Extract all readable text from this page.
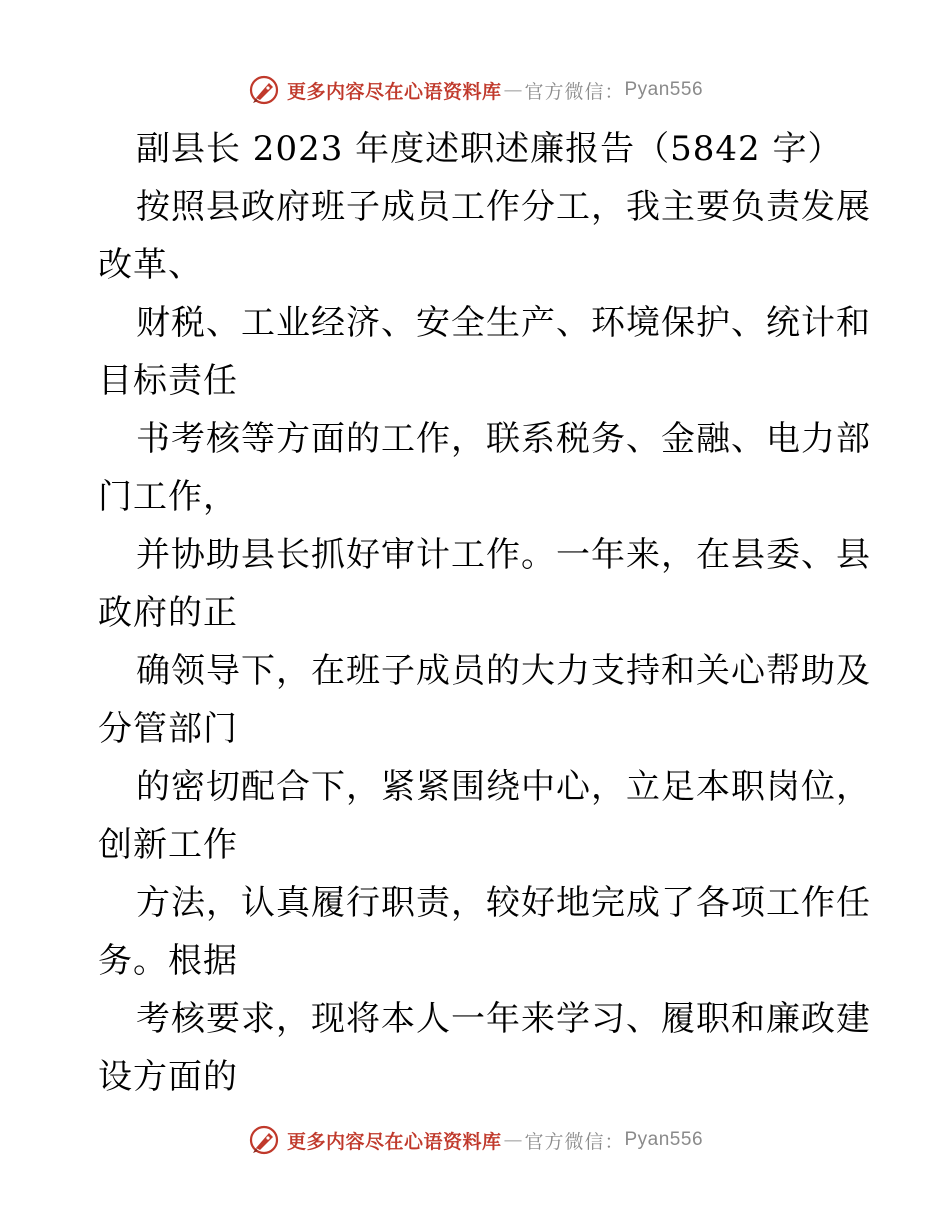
更多内容尽在心语资料库 — 官方微信： Pyan556
副县长 2023 年度述职述廉报告（5842 字）
按照县政府班子成员工作分工，我主要负责发展
改革、
财税、工业经济、安全生产、环境保护、统计和
目标责任
书考核等方面的工作，联系税务、金融、电力部
门工作，
并协助县长抓好审计工作。一年来，在县委、县
政府的正
确领导下，在班子成员的大力支持和关心帮助及
分管部门
的密切配合下，紧紧围绕中心，立足本职岗位，
创新工作
方法，认真履行职责，较好地完成了各项工作任
务。根据
考核要求，现将本人一年来学习、履职和廉政建
设方面的
更多内容尽在心语资料库 — 官方微信： Pyan556
